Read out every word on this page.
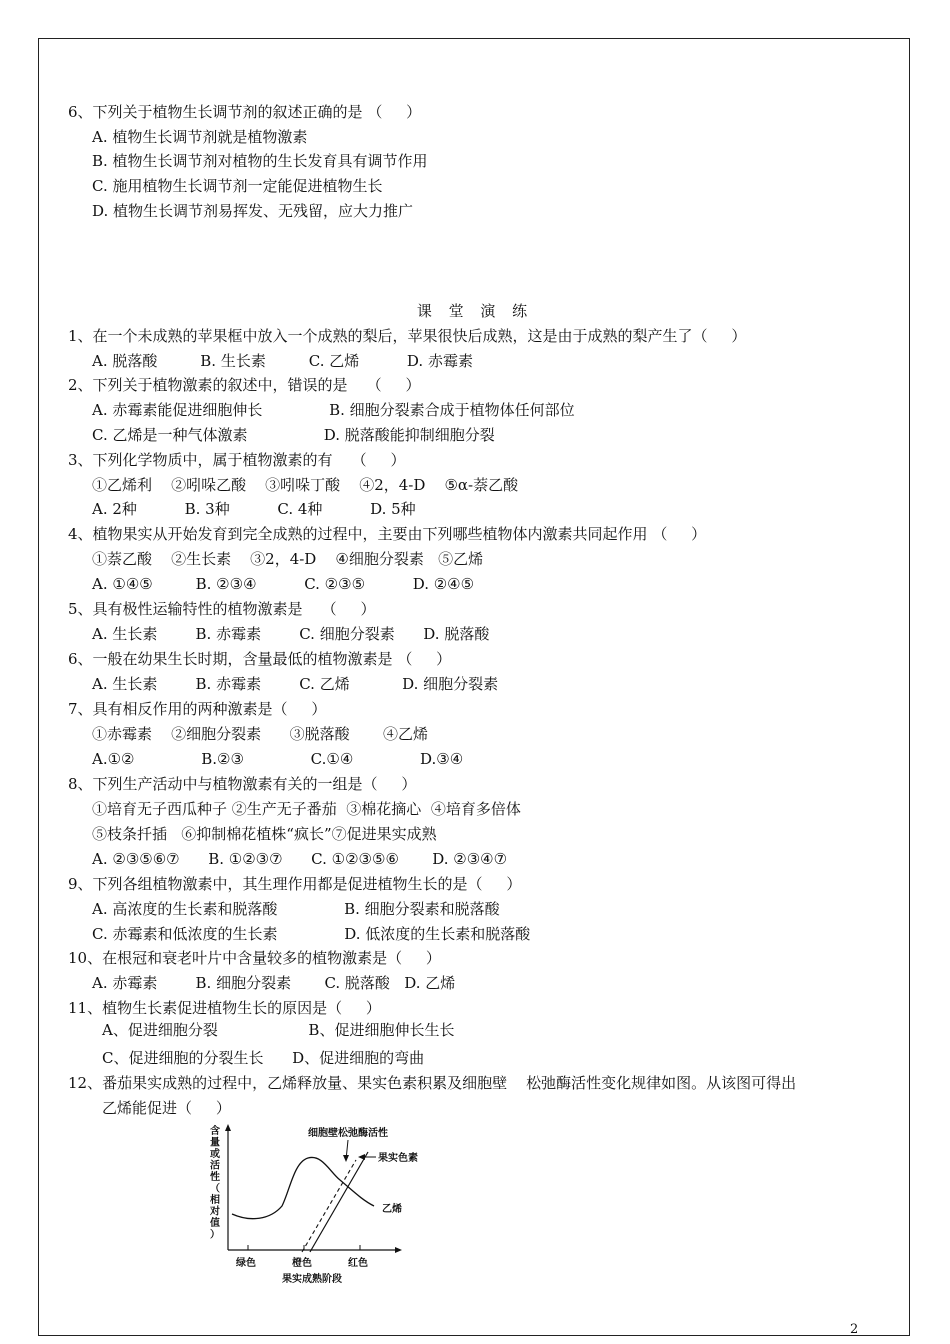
6、下列关于植物生长调节剂的叙述正确的是 （     ）
A. 植物生长调节剂就是植物激素
B. 植物生长调节剂对植物的生长发育具有调节作用
C. 施用植物生长调节剂一定能促进植物生长
D. 植物生长调节剂易挥发、无残留，应大力推广
1、在一个未成熟的苹果框中放入一个成熟的梨后，苹果很快后成熟，这是由于成熟的梨产生了（     ）
A. 脱落酸         B. 生长素         C. 乙烯          D. 赤霉素
2、下列关于植物激素的叙述中，错误的是    （     ）
A. 赤霉素能促进细胞伸长              B. 细胞分裂素合成于植物体任何部位
C. 乙烯是一种气体激素                D. 脱落酸能抑制细胞分裂
3、下列化学物质中，属于植物激素的有    （     ）
①乙烯利    ②吲哚乙酸    ③吲哚丁酸    ④2，4-D    ⑤α-萘乙酸
A. 2种          B. 3种          C. 4种          D. 5种
4、植物果实从开始发育到完全成熟的过程中，主要由下列哪些植物体内激素共同起作用 （     ）
①萘乙酸    ②生长素    ③2，4-D    ④细胞分裂素   ⑤乙烯
A. ①④⑤         B. ②③④          C. ②③⑤          D. ②④⑤
5、具有极性运输特性的植物激素是    （     ）
A. 生长素        B. 赤霉素        C. 细胞分裂素      D. 脱落酸
6、一般在幼果生长时期，含量最低的植物激素是 （     ）
A. 生长素        B. 赤霉素        C. 乙烯           D. 细胞分裂素
7、具有相反作用的两种激素是（     ）
①赤霉素    ②细胞分裂素      ③脱落酸       ④乙烯
A.①②              B.②③              C.①④              D.③④
8、下列生产活动中与植物激素有关的一组是（     ）
①培育无子西瓜种子 ②生产无子番茄  ③棉花摘心  ④培育多倍体
⑤枝条扦插   ⑥抑制棉花植株“疯长”⑦促进果实成熟
A. ②③⑤⑥⑦      B. ①②③⑦      C. ①②③⑤⑥       D. ②③④⑦
9、下列各组植物激素中，其生理作用都是促进植物生长的是（     ）
A. 高浓度的生长素和脱落酸              B. 细胞分裂素和脱落酸
C. 赤霉素和低浓度的生长素              D. 低浓度的生长素和脱落酸
10、在根冠和衰老叶片中含量较多的植物激素是（     ）
A. 赤霉素        B. 细胞分裂素       C. 脱落酸   D. 乙烯
11、植物生长素促进植物生长的原因是（     ）
A、促进细胞分裂                   B、促进细胞伸长生长
C、促进细胞的分裂生长      D、促进细胞的弯曲
12、番茄果实成熟的过程中，乙烯释放量、果实色素积累及细胞壁    松弛酶活性变化规律如图。从该图可得出
乙烯能促进（     ）
课 堂 演 练
含
量
或
活
性
（
相
对
值
）
细胞壁松弛酶活性
果实色素
乙烯
绿色	橙色	红色
果实成熟阶段
2
